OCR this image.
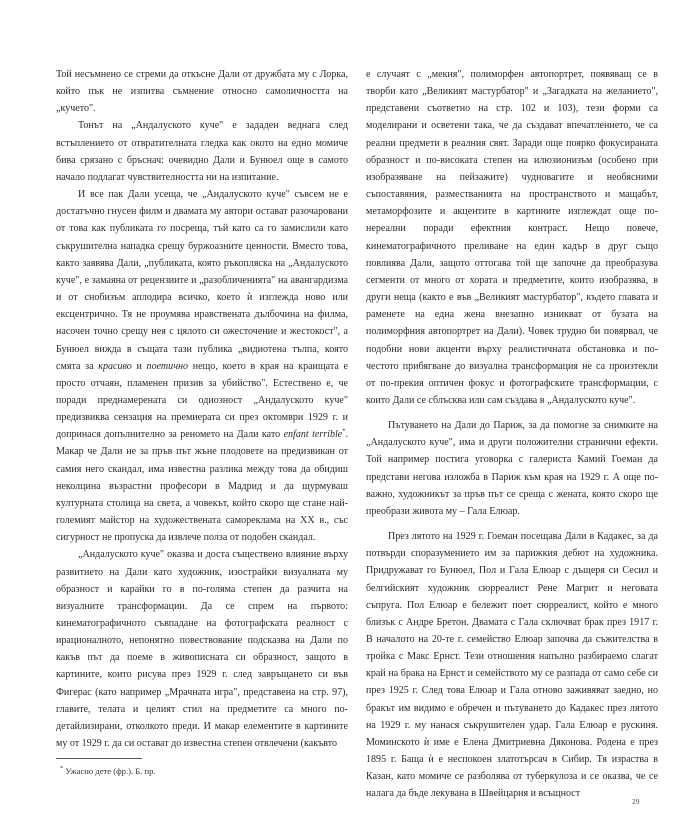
Той несъмнено се стреми да откъсне Дали от дружбата му с Лорка, който пък не изпитва съмнение относно самоличността на „кучето".

Тонът на „Андалуското куче" е зададен веднага след встъплението от отвратителната гледка как окото на едно момиче бива срязано с бръснач: очевидно Дали и Бунюел още в самото начало подлагат чувствителността ни на изпитание.

И все пак Дали усеща, че „Андалуското куче" съвсем не е достатъчно гнусен филм и двамата му автори остават разочаровани от това как публиката го посреща, тъй като са го замислили като съкрушителна нападка срещу буржоазните ценности. Вместо това, както заявява Дали, „публиката, която ръкопляска на „Андалуското куче", е замаяна от рецензиите и „разобличенията" на авангардизма и от снобизъм аплодира всичко, което ѝ изглежда ново или ексцентрично. Тя не проумява нравствената дълбочина на филма, насочен точно срещу нея с цялото си ожесточение и жестокост", а Бунюел вижда в същата тази публика „видиотена тълпа, която смята за красиво и поетично нещо, което в края на краищата е просто отчаян, пламенен призив за убийство". Естествено е, че поради преднамерената си одиозност „Андалуското куче" предизвиква сензация на премиерата си през октомври 1929 г. и допринася допълнително за реномето на Дали като enfant terrible*. Макар че Дали не за пръв път жъне плодовете на предизвикан от самия него скандал, има известна разлика между това да обидиш неколцина възрастни професори в Мадрид и да щурмуваш културната столица на света, а човекът, който скоро ще стане най-големият майстор на художествената самореклама на XX в., със сигурност не пропуска да извлече полза от подобен скандал.

„Андалуското куче" оказва и доста съществено влияние върху развитието на Дали като художник, изострайки визуалната му образност и карайки го в по-голяма степен да разчита на визуалните трансформации. Да се спрем на първото: кинематографичното съвпадане на фотографската реалност с ирационалното, непонятно повествование подсказва на Дали по какъв път да поеме в живописната си образност, защото в картините, които рисува през 1929 г. след завръщането си във Фигерас (като например „Мрачната игра", представена на стр. 97), главите, телата и целият стил на предметите са много по-детайлизирани, отколкото преди. И макар елементите в картините му от 1929 г. да си остават до известна степен отвлечени (какъвто

е случаят с „мекия", полиморфен автопортрет, появяващ се в творби като „Великият мастурбатор" и „Загадката на желанието", представени съответно на стр. 102 и 103), тези форми са моделирани и осветени така, че да създават впечатлението, че са реални предмети в реалния свят. Заради още поярко фокусираната образност и по-високата степен на илюзионизъм (особено при изобразяване на пейзажите) чудновагите и необясними съпоставяния, разместванията на пространството и мащабът, метаморфозите и акцентите в картините изглеждат още по-нереални поради ефектния контраст. Нещо повече, кинематографичното преливане на един кадър в друг също повлиява Дали, защото оттогава той ще започне да преобразува сегменти от много от хората и предметите, които изобразява, в други неща (както е във „Великият мастурбатор", където главата и раменете на една жена внезапно изникват от бузата на полиморфния автопортрет на Дали). Човек трудно би повярвал, че подобни нови акценти върху реалистичната обстановка и по-честото прибягване до визуална трансформация не са произтекли от по-прекия оптичен фокус и фотографските трансформации, с които Дали се сблъсква или сам създава в „Андалуското куче".

Пътуването на Дали до Париж, за да помогне за снимките на „Андалуското куче", има и други положителни странични ефекти. Той например постига уговорка с галериста Камий Гоеман да представи негова изложба в Париж към края на 1929 г. А още по-важно, художникът за пръв път се среща с жената, която скоро ще преобрази живота му – Гала Елюар.

През лятото на 1929 г. Гоеман посещава Дали в Кадакес, за да потвърди споразумението им за парижкия дебют на художника. Придружават го Бунюел, Пол и Гала Елюар с дъщеря си Сесил и белгийският художник сюрреалист Рене Магрит и неговата съпруга. Пол Елюар е бележит поет сюрреалист, който е много близък с Андре Бретон. Двамата с Гала сключват брак през 1917 г. В началото на 20-те г. семейство Елюар започва да съжителства в тройка с Макс Ернст. Тези отношения напълно разбираемо слагат край на брака на Ернст и семейството му се разпада от само себе си през 1925 г. След това Елюар и Гала отново заживяват заедно, но бракът им видимо е обречен и пътуването до Кадакес през лятото на 1929 г. му нанася съкрушителен удар. Гала Елюар е рускиня. Моминското ѝ име е Елена Дмитриевна Дяконова. Родена е през 1895 г. Баща ѝ е неспокоен златотърсач в Сибир. Тя израства в Казан, като момиче се разболява от туберкулоза и се оказва, че се налага да бъде лекувана в Швейцария и всъщност

* Ужасно дете (фр.). Б. пр.
29
